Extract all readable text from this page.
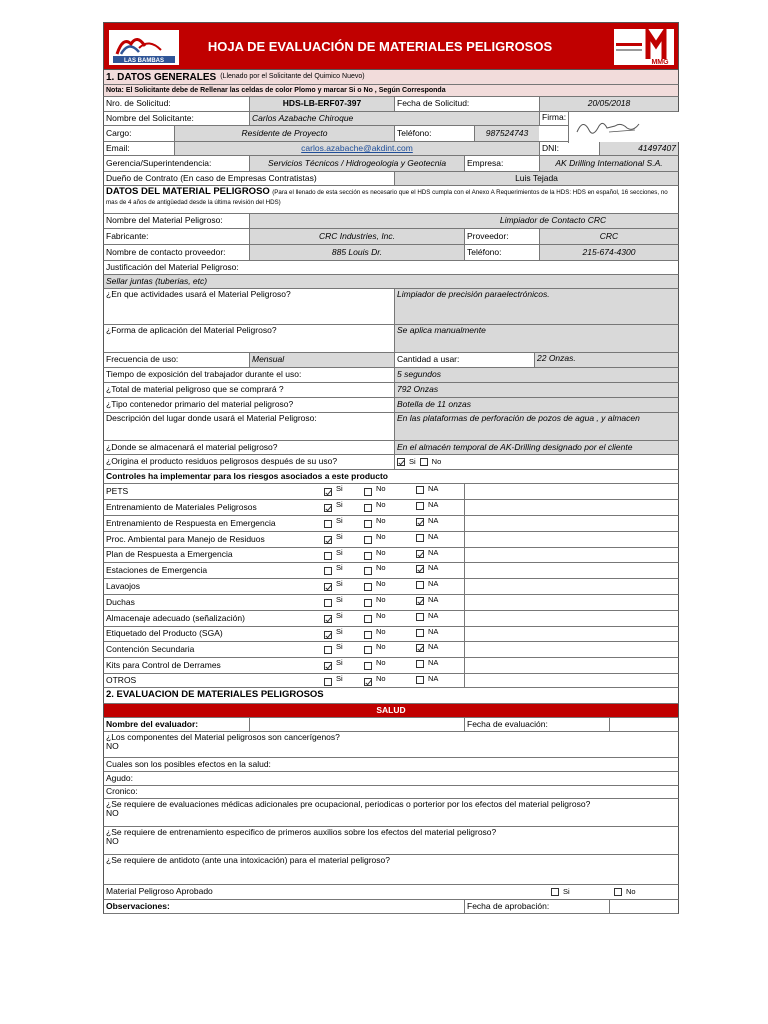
LAS BAMBAS
HOJA DE EVALUACIÓN DE MATERIALES PELIGROSOS
MMG
1. DATOS GENERALES (Llenado por el Solicitante del Quimico Nuevo)
Nota: El Solicitante debe de Rellenar las celdas de color Plomo y marcar Si o No , Según Corresponda
Nro. de Solicitud:	HDS-LB-ERF07-397	Fecha de Solicitud:	20/05/2018
Nombre del Solicitante:	Carlos Azabache Chiroque	Firma:
Cargo:	Residente de Proyecto	Teléfono:	987524743
Email:	carlos.azabache@akdint.com	DNI:	41497407
Gerencia/Superintendencia:	Servicios Técnicos / Hidrogeologia y Geotecnia	Empresa:	AK Drilling International S.A.
Dueño de Contrato (En caso de Empresas Contratistas)	Luis Tejada
DATOS DEL MATERIAL PELIGROSO (Para el llenado de esta sección es necesario que el HDS cumpla con el Anexo A Requerimientos de la HDS: HDS en español, 16 secciones, no mas de 4 años de antigüedad desde la última revisión del HDS)
Nombre del Material Peligroso:	Limpiador de Contacto CRC
Fabricante:	CRC Industries, Inc.	Proveedor:	CRC
Nombre de contacto proveedor:	885 Louis Dr.	Teléfono:	215-674-4300
Justificación del Material Peligroso:
Sellar juntas (tuberias, etc)
¿En que actividades usará el Material Peligroso?	Limpiador de precisión paraelectrónicos.
¿Forma de aplicación del Material Peligroso?	Se aplica manualmente
Frecuencia de uso:	Mensual	Cantidad a usar:	22 Onzas.
Tiempo de exposición del trabajador durante el uso:	5 segundos
¿Total de material peligroso que se comprará ?	792 Onzas
¿Tipo contenedor primario del material peligroso?	Botella de 11 onzas
Descripción del lugar donde usará el Material Peligroso:	En las plataformas de perforación de pozos de agua , y almacen
¿Donde se almacenará el material peligroso?	En el almacén temporal de AK-Drilling designado por el cliente
¿Origina el producto residuos peligrosos después de su uso?	Si No
Controles ha implementar para los riesgos asociados a este producto
PETS	Si	No	NA
Entrenamiento de Materiales Peligrosos	Si	No	NA
Entrenamiento de Respuesta en Emergencia	Si	No	NA
Proc. Ambiental para Manejo de Residuos	Si	No	NA
Plan de Respuesta a Emergencia	Si	No	NA
Estaciones de Emergencia	Si	No	NA
Lavaojos	Si	No	NA
Duchas	Si	No	NA
Almacenaje adecuado (señalización)	Si	No	NA
Etiquetado del Producto (SGA)	Si	No	NA
Contención Secundaria	Si	No	NA
Kits para Control de Derrames	Si	No	NA
OTROS	Si	No	NA
2. EVALUACION DE MATERIALES PELIGROSOS
SALUD
Nombre del evaluador:	Fecha de evaluación:
¿Los componentes del Material peligrosos son cancerígenos?
NO
Cuales son los posibles efectos en la salud:
Agudo:
Cronico:
¿Se requiere de evaluaciones médicas adicionales pre ocupacional, periodicas o porterior por los efectos del material peligroso?
NO
¿Se requiere de entrenamiento especifico de primeros auxilios sobre los efectos del material peligroso?
NO
¿Se requiere de antidoto (ante una intoxicación) para el material peligroso?
Material Peligroso Aprobado	Si	No
Observaciones:	Fecha de aprobación:
